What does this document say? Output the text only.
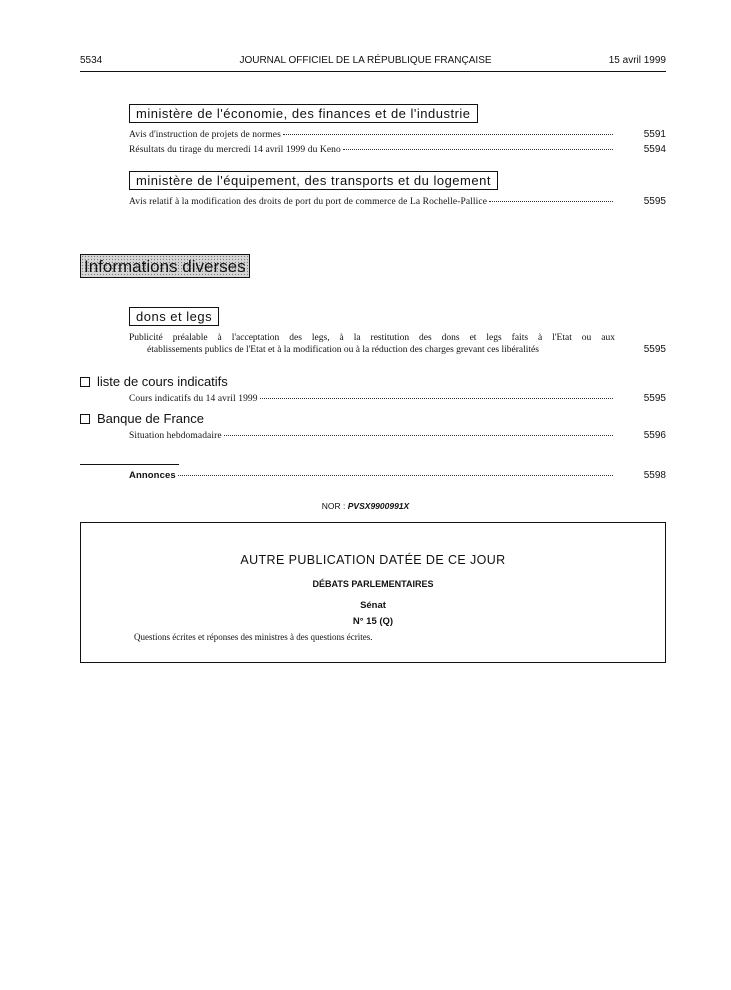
5534	JOURNAL OFFICIEL DE LA RÉPUBLIQUE FRANÇAISE	15 avril 1999
ministère de l'économie, des finances et de l'industrie
Avis d'instruction de projets de normes	5591
Résultats du tirage du mercredi 14 avril 1999 du Keno	5594
ministère de l'équipement, des transports et du logement
Avis relatif à la modification des droits de port du port de commerce de La Rochelle-Pallice	5595
Informations diverses
dons et legs
Publicité préalable à l'acceptation des legs, à la restitution des dons et legs faits à l'Etat ou aux
établissements publics de l'Etat et à la modification ou à la réduction des charges grevant ces libéralités	5595
liste de cours indicatifs
Cours indicatifs du 14 avril 1999	5595
Banque de France
Situation hebdomadaire	5596
Annonces	5598
NOR : PVSX9900991X
AUTRE PUBLICATION DATÉE DE CE JOUR
DÉBATS PARLEMENTAIRES
Sénat
N° 15 (Q)
Questions écrites et réponses des ministres à des questions écrites.
